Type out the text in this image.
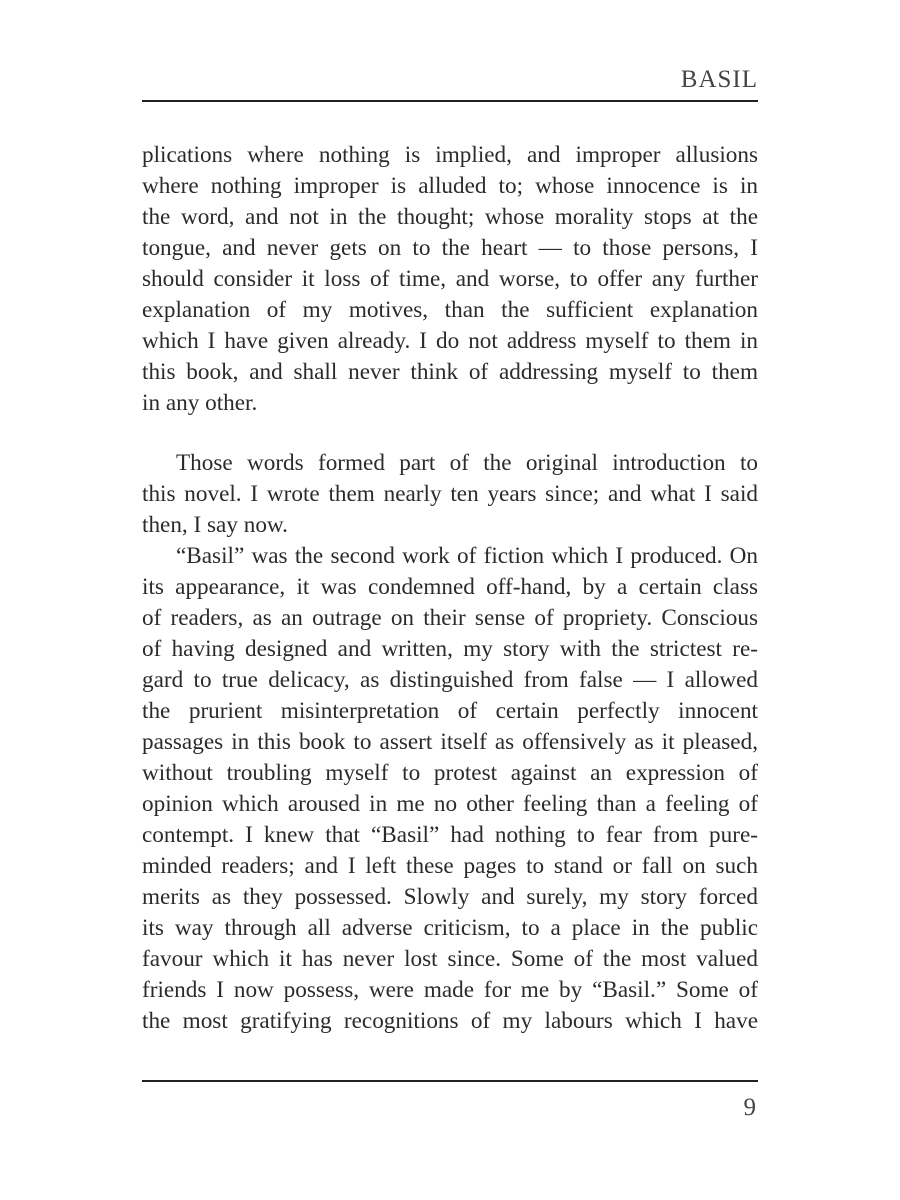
BASIL
plications where nothing is implied, and improper allusions
where nothing improper is alluded to; whose innocence is in
the word, and not in the thought; whose morality stops at the
tongue, and never gets on to the heart — to those persons, I
should consider it loss of time, and worse, to offer any further
explanation of my motives, than the sufficient explanation
which I have given already. I do not address myself to them in
this book, and shall never think of addressing myself to them
in any other.
Those words formed part of the original introduction to
this novel. I wrote them nearly ten years since; and what I said
then, I say now.
“Basil” was the second work of fiction which I produced. On
its appearance, it was condemned off-hand, by a certain class
of readers, as an outrage on their sense of propriety. Conscious
of having designed and written, my story with the strictest re-
gard to true delicacy, as distinguished from false — I allowed
the prurient misinterpretation of certain perfectly innocent
passages in this book to assert itself as offensively as it pleased,
without troubling myself to protest against an expression of
opinion which aroused in me no other feeling than a feeling of
contempt. I knew that “Basil” had nothing to fear from pure-
minded readers; and I left these pages to stand or fall on such
merits as they possessed. Slowly and surely, my story forced
its way through all adverse criticism, to a place in the public
favour which it has never lost since. Some of the most valued
friends I now possess, were made for me by “Basil.” Some of
the most gratifying recognitions of my labours which I have
9
